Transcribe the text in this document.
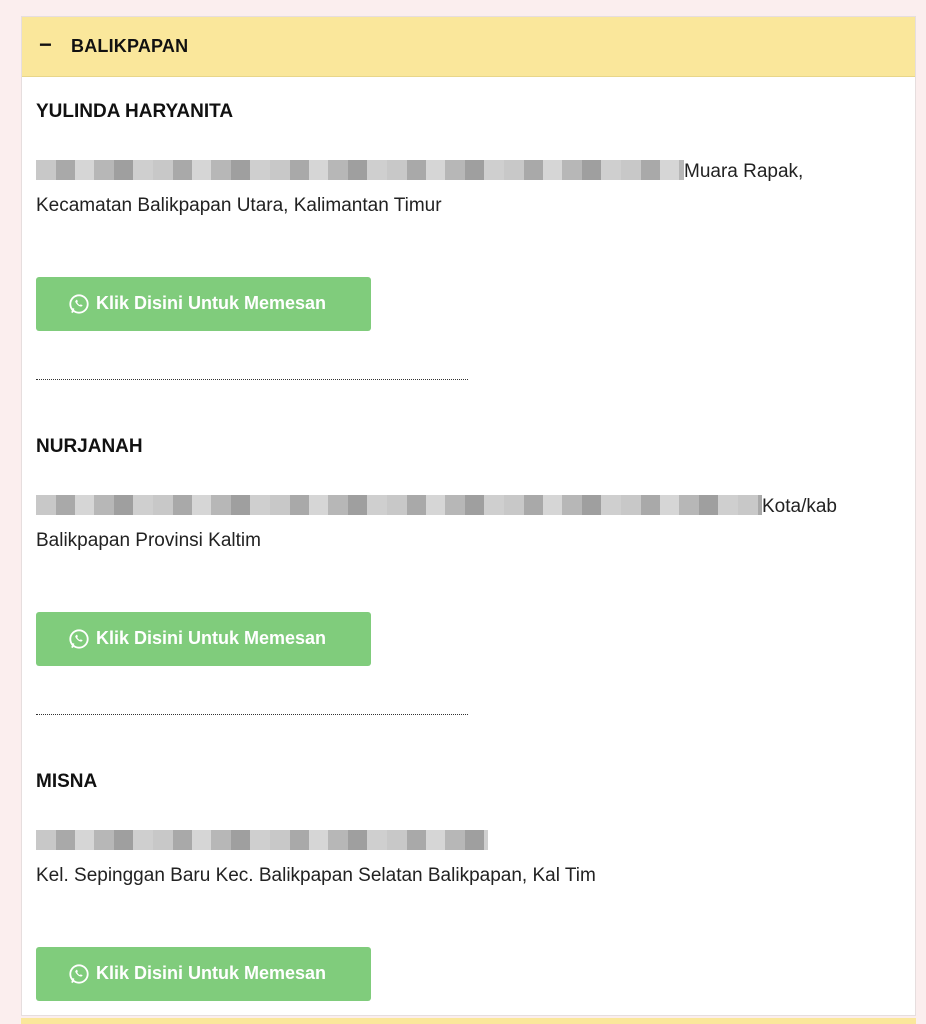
− BALIKPAPAN
YULINDA HARYANITA
Muara Rapak,
Kecamatan Balikpapan Utara, Kalimantan Timur
Klik Disini Untuk Memesan
NURJANAH
Kota/kab
Balikpapan Provinsi Kaltim
Klik Disini Untuk Memesan
MISNA

Kel. Sepinggan Baru Kec. Balikpapan Selatan Balikpapan, Kal Tim
Klik Disini Untuk Memesan
